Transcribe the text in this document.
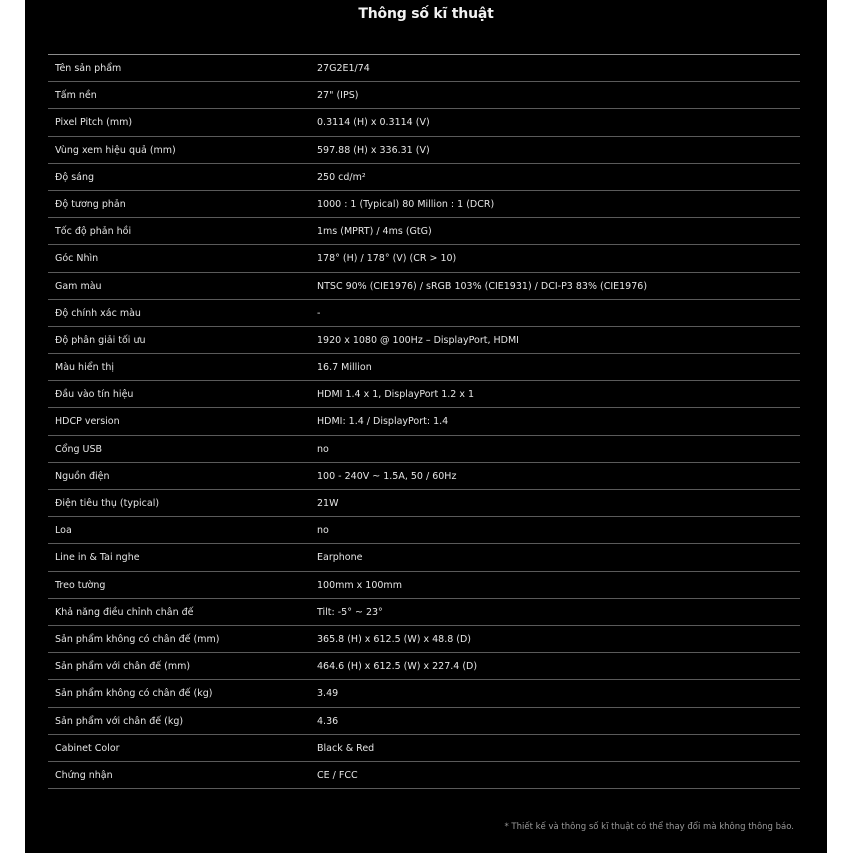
Thông số kĩ thuật
Tên sản phẩm	27G2E1/74
Tấm nền	27" (IPS)
Pixel Pitch (mm)	0.3114 (H) x 0.3114 (V)
Vùng xem hiệu quả (mm)	597.88 (H) x 336.31 (V)
Độ sáng	250 cd/m²
Độ tương phản	1000 : 1 (Typical) 80 Million : 1 (DCR)
Tốc độ phản hồi	1ms (MPRT) / 4ms (GtG)
Góc Nhìn	178° (H) / 178° (V) (CR > 10)
Gam màu	NTSC 90% (CIE1976) / sRGB 103% (CIE1931) / DCI-P3 83% (CIE1976)
Độ chính xác màu	-
Độ phân giải tối ưu	1920 x 1080 @ 100Hz – DisplayPort, HDMI
Màu hiển thị	16.7 Million
Đầu vào tín hiệu	HDMI 1.4 x 1, DisplayPort 1.2 x 1
HDCP version	HDMI: 1.4 / DisplayPort: 1.4
Cổng USB	no
Nguồn điện	100 - 240V ~ 1.5A, 50 / 60Hz
Điện tiêu thụ (typical)	21W
Loa	no
Line in & Tai nghe	Earphone
Treo tường	100mm x 100mm
Khả năng điều chỉnh chân đế	Tilt: -5° ~ 23°
Sản phẩm không có chân đế (mm)	365.8 (H) x 612.5 (W) x 48.8 (D)
Sản phẩm với chân đế (mm)	464.6 (H) x 612.5 (W) x 227.4 (D)
Sản phẩm không có chân đế (kg)	3.49
Sản phẩm với chân đế (kg)	4.36
Cabinet Color	Black & Red
Chứng nhận	CE / FCC
* Thiết kế và thông số kĩ thuật có thể thay đổi mà không thông báo.
